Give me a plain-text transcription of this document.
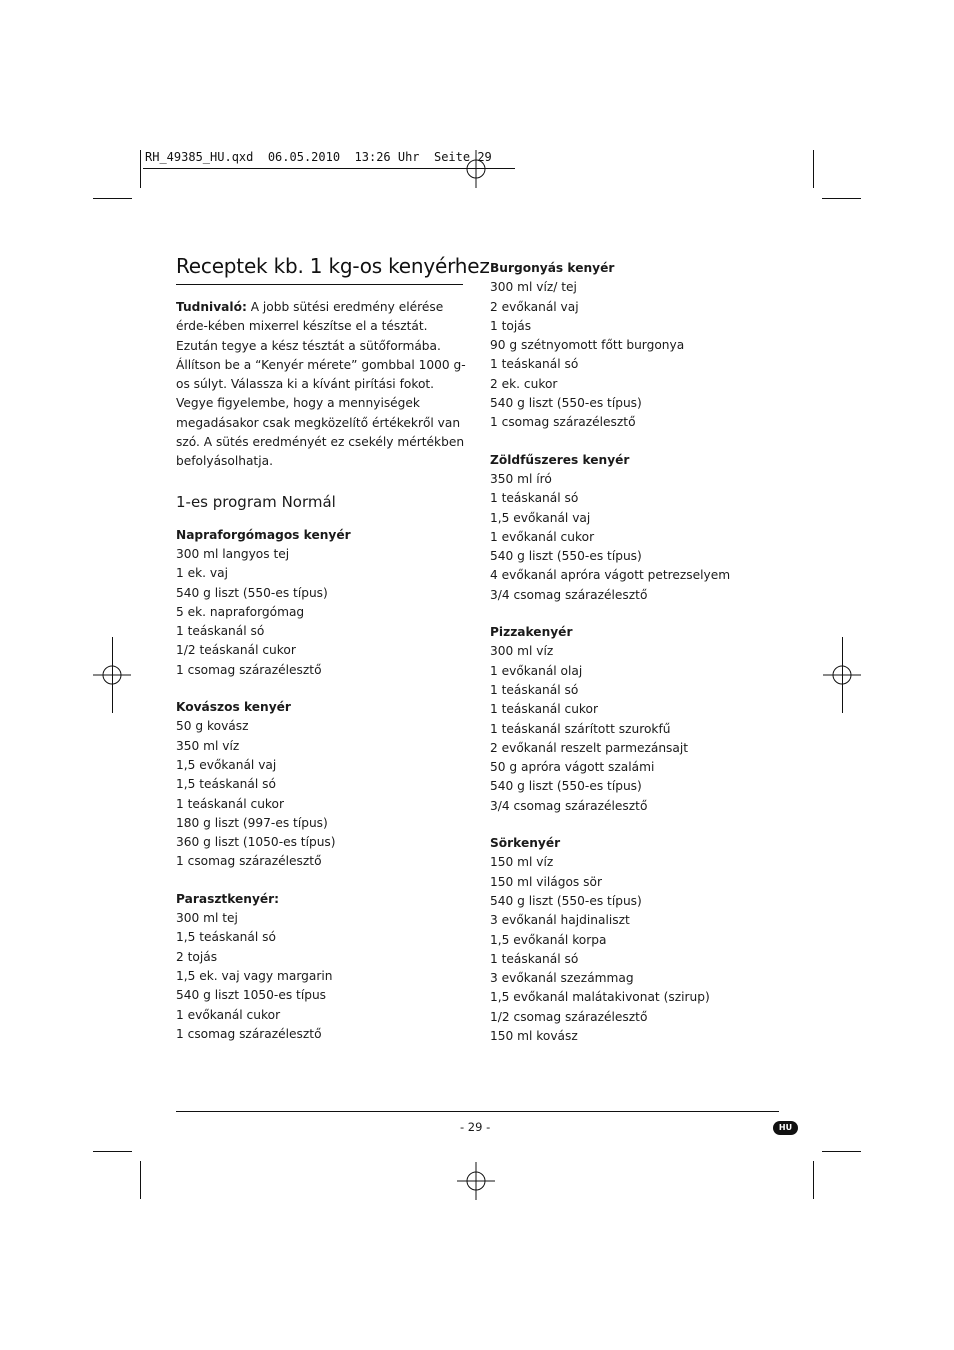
RH_49385_HU.qxd  06.05.2010  13:26 Uhr  Seite 29
Receptek kb. 1 kg-os kenyérhez

Tudnivaló: A jobb sütési eredmény elérése érde-kében mixerrel készítse el a tésztát. Ezután tegye a kész tésztát a sütőformába. Állítson be a “Kenyér mérete” gombbal 1000 g-os súlyt. Válassza ki a kívánt pirítási fokot. Vegye figyelembe, hogy a mennyiségek megadásakor csak megközelítő értékekről van szó. A sütés eredményét ez csekély mértékben befolyásolhatja.

1-es program Normál
Napraforgómagos kenyér
300 ml langyos tej
1 ek. vaj
540 g liszt (550-es típus)
5 ek. napraforgómag
1 teáskanál só
1/2 teáskanál cukor
1 csomag szárazélesztő
Kovászos kenyér
50 g kovász
350 ml víz
1,5 evőkanál vaj
1,5 teáskanál só
1 teáskanál cukor
180 g liszt (997-es típus)
360 g liszt (1050-es típus)
1 csomag szárazélesztő
Parasztkenyér:
300 ml tej
1,5 teáskanál só
2 tojás
1,5 ek. vaj vagy margarin
540 g liszt 1050-es típus
1 evőkanál cukor
1 csomag szárazélesztő
Burgonyás kenyér
300 ml víz/ tej
2 evőkanál vaj
1 tojás
90 g szétnyomott főtt burgonya
1 teáskanál só
2 ek. cukor
540 g liszt (550-es típus)
1 csomag szárazélesztő
Zöldfűszeres kenyér
350 ml író
1 teáskanál só
1,5 evőkanál vaj
1 evőkanál cukor
540 g liszt (550-es típus)
4 evőkanál apróra vágott petrezselyem
3/4 csomag szárazélesztő
Pizzakenyér
300 ml víz
1 evőkanál olaj
1 teáskanál só
1 teáskanál cukor
1 teáskanál szárított szurokfű
2 evőkanál reszelt parmezánsajt
50 g apróra vágott szalámi
540 g liszt (550-es típus)
3/4 csomag szárazélesztő
Sörkenyér
150 ml víz
150 ml világos sör
540 g liszt (550-es típus)
3 evőkanál hajdinaliszt
1,5 evőkanál korpa
1 teáskanál só
3 evőkanál szezámmag
1,5 evőkanál malátakivonat (szirup)
1/2 csomag szárazélesztő
150 ml kovász
- 29 -	HU
